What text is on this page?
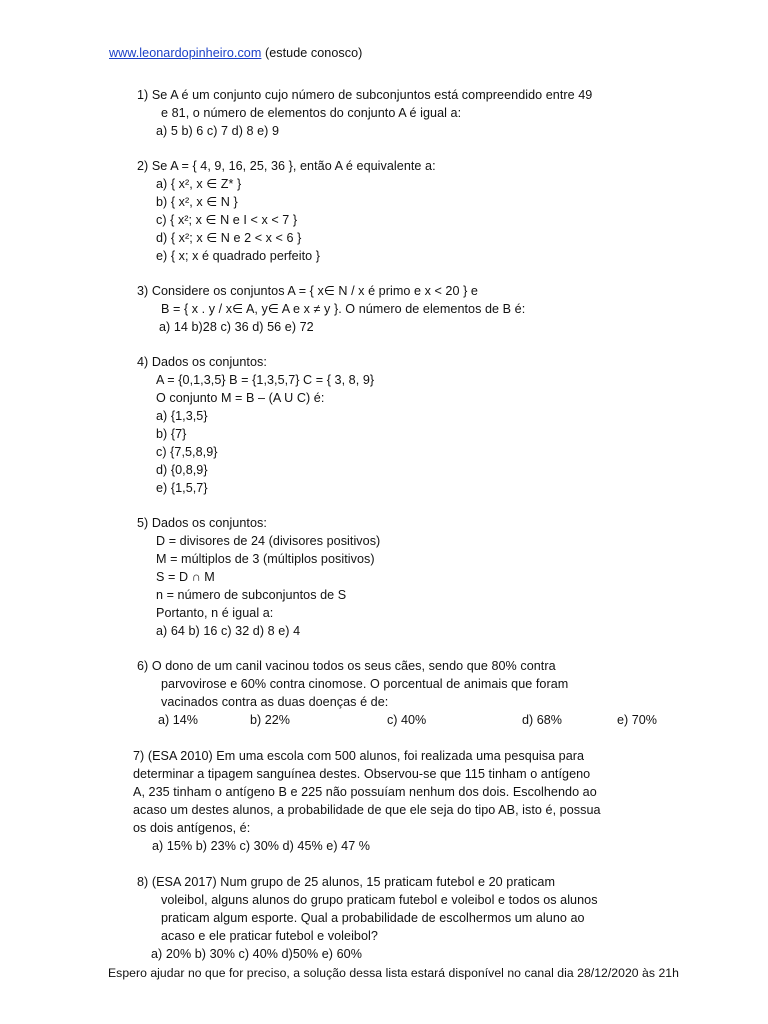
www.leonardopinheiro.com (estude conosco)
1) Se A é um conjunto cujo número de subconjuntos está compreendido entre 49
e 81, o número de elementos do conjunto A é igual a:
a) 5 b) 6 c) 7 d) 8 e) 9
2) Se A = { 4, 9, 16, 25, 36 }, então A é equivalente a:
a) { x², x ∈ Z* }
b) { x², x ∈ N }
c) { x²; x ∈ N e I < x < 7 }
d) { x²; x ∈ N e 2 < x < 6 }
e) { x; x é quadrado perfeito }
3) Considere os conjuntos A = { x∈ N / x é primo e x < 20 } e
B = { x . y / x∈ A, y∈ A e x ≠ y }. O número de elementos de B é:
a) 14 b)28 c) 36 d) 56 e) 72
4) Dados os conjuntos:
A = {0,1,3,5} B = {1,3,5,7} C = { 3, 8, 9}
O conjunto M = B – (A U C) é:
a) {1,3,5}
b) {7}
c) {7,5,8,9}
d) {0,8,9}
e) {1,5,7}
5) Dados os conjuntos:
D = divisores de 24 (divisores positivos)
M = múltiplos de 3 (múltiplos positivos)
S = D ∩ M
n = número de subconjuntos de S
Portanto, n é igual a:
a) 64 b) 16 c) 32 d) 8 e) 4
6) O dono de um canil vacinou todos os seus cães, sendo que 80% contra
parvovirose e 60% contra cinomose. O porcentual de animais que foram
vacinados contra as duas doenças é de:
a) 14%	b) 22%	c) 40%	d) 68%	e) 70%
7) (ESA 2010) Em uma escola com 500 alunos, foi realizada uma pesquisa para
determinar a tipagem sanguínea destes. Observou-se que 115 tinham o antígeno
A, 235 tinham o antígeno B e 225 não possuíam nenhum dos dois. Escolhendo ao
acaso um destes alunos, a probabilidade de que ele seja do tipo AB, isto é, possua
os dois antígenos, é:
a) 15% b) 23% c) 30% d) 45% e) 47 %
8) (ESA 2017) Num grupo de 25 alunos, 15 praticam futebol e 20 praticam
voleibol, alguns alunos do grupo praticam futebol e voleibol e todos os alunos
praticam algum esporte. Qual a probabilidade de escolhermos um aluno ao
acaso e ele praticar futebol e voleibol?
a) 20% b) 30% c) 40% d)50% e) 60%
Espero ajudar no que for preciso, a solução dessa lista estará disponível no canal dia 28/12/2020 às 21h
